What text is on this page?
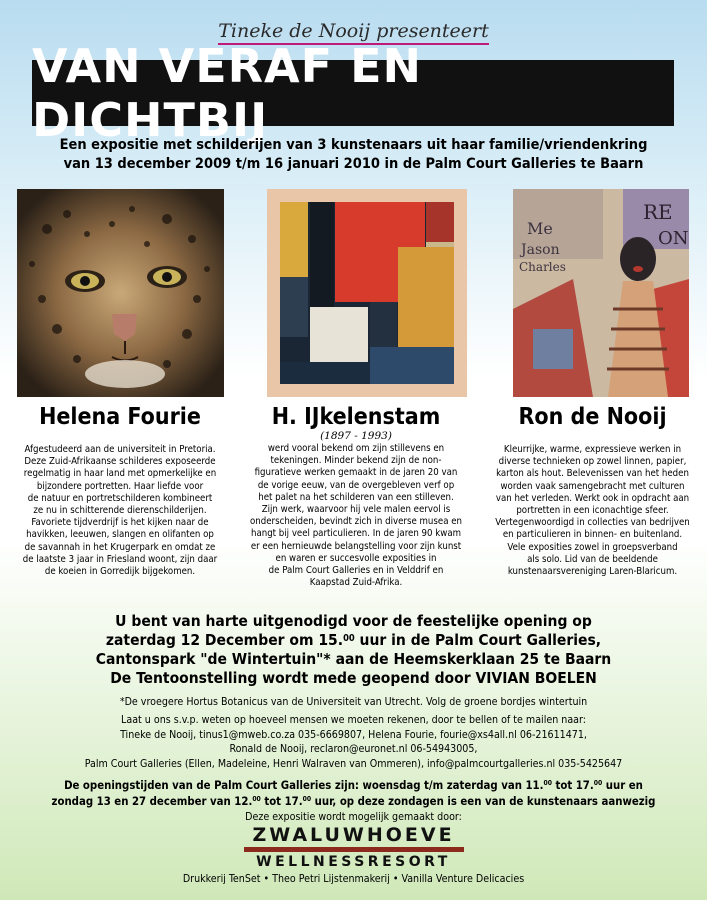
Tineke de Nooij presenteert
VAN VERAF EN DICHTBIJ
Een expositie met schilderijen van 3 kunstenaars uit haar familie/vriendenkring
van 13 december 2009 t/m 16 januari 2010 in de Palm Court Galleries te Baarn
Me
Jason
Charles
RE
ON
Helena Fourie
Afgestudeerd aan de universiteit in Pretoria.
Deze Zuid-Afrikaanse schilderes exposeerde
regelmatig in haar land met opmerkelijke en
bijzondere portretten. Haar liefde voor
de natuur en portretschilderen kombineert
ze nu in schitterende dierenschilderijen.
Favoriete tijdverdrijf is het kijken naar de
havikken, leeuwen, slangen en olifanten op
de savannah in het Krugerpark en omdat ze
de laatste 3 jaar in Friesland woont, zijn daar
de koeien in Gorredijk bijgekomen.
H. IJkelenstam
(1897 - 1993)
werd vooral bekend om zijn stillevens en
tekeningen. Minder bekend zijn de non-
figuratieve werken gemaakt in de jaren 20 van
de vorige eeuw, van de overgebleven verf op
het palet na het schilderen van een stilleven.
Zijn werk, waarvoor hij vele malen eervol is
onderscheiden, bevindt zich in diverse musea en
hangt bij veel particulieren. In de jaren 90 kwam
er een hernieuwde belangstelling voor zijn kunst
en waren er succesvolle exposities in
de Palm Court Galleries en in Velddrif en
Kaapstad Zuid-Afrika.
Ron de Nooij
Kleurrijke, warme, expressieve werken in
diverse technieken op zowel linnen, papier,
karton als hout. Belevenissen van het heden
worden vaak samengebracht met culturen
van het verleden. Werkt ook in opdracht aan
portretten in een iconachtige sfeer.
Vertegenwoordigd in collecties van bedrijven
en particulieren in binnen- en buitenland.
Vele exposities zowel in groepsverband
als solo. Lid van de beeldende
kunstenaarsvereniging Laren-Blaricum.
U bent van harte uitgenodigd voor de feestelijke opening op
zaterdag 12 December om 15.00 uur in de Palm Court Galleries,
Cantonspark "de Wintertuin"* aan de Heemskerklaan 25 te Baarn
De Tentoonstelling wordt mede geopend door VIVIAN BOELEN
*De vroegere Hortus Botanicus van de Universiteit van Utrecht. Volg de groene bordjes wintertuin
Laat u ons s.v.p. weten op hoeveel mensen we moeten rekenen, door te bellen of te mailen naar:
Tineke de Nooij, tinus1@mweb.co.za 035-6669807, Helena Fourie, fourie@xs4all.nl 06-21611471,
Ronald de Nooij, reclaron@euronet.nl 06-54943005,
Palm Court Galleries (Ellen, Madeleine, Henri Walraven van Ommeren), info@palmcourtgalleries.nl 035-5425647
De openingstijden van de Palm Court Galleries zijn: woensdag t/m zaterdag van 11.00 tot 17.00 uur en
zondag 13 en 27 december van 12.00 tot 17.00 uur, op deze zondagen is een van de kunstenaars aanwezig
Deze expositie wordt mogelijk gemaakt door:
ZWALUWHOEVE
WELLNESSRESORT
Drukkerij TenSet • Theo Petri Lijstenmakerij • Vanilla Venture Delicacies
